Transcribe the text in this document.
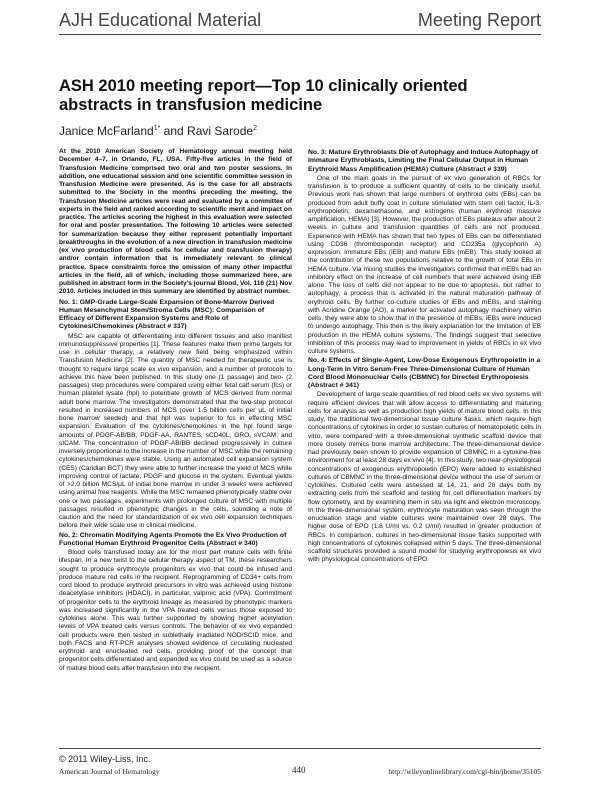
AJH Educational Material	Meeting Report
ASH 2010 meeting report—Top 10 clinically oriented abstracts in transfusion medicine
Janice McFarland$^{1*}$ and Ravi Sarode$^2$

At the 2010 American Society of Hematology annual meeting held December 4–7, in Orlando, FL, USA. Fifty-five articles in the field of Transfusion Medicine comprised two oral and two poster sessions. In addition, one educational session and one scientific committee session in Transfusion Medicine were presented. As is the case for all abstracts submitted to the Society in the months preceding the meeting, the Transfusion Medicine articles were read and evaluated by a committee of experts in the field and ranked according to scientific merit and impact on practice. The articles scoring the highest in this evaluation were selected for oral and poster presentation. The following 10 articles were selected for summarization because they either represent potentially important breakthroughs in the evolution of a new direction in transfusion medicine (ex vivo production of blood cells for cellular and transfusion therapy) and/or contain information that is immediately relevant to clinical practice. Space constraints force the omission of many other impactful articles in the field, all of which, including those summarized here, are published in abstract form in the Society's journal Blood, Vol. 116 (21) Nov 2010. Articles included in this summary are identified by abstract number.

No. 1: GMP-Grade Large-Scale Expansion of Bone-Marrow Derived Human Mesenchymal Stem/Stroma Cells (MSC): Comparison of Efficacy of Different Expansion Systems and Role of Cytokines/Chemokines (Abstract # 337)

MSC are capable of differentiating into different tissues and also manifest immunosuppressive properties [1]. These features make them prime targets for use in cellular therapy, a relatively new field being emphasized within Transfusion Medicine [2]. The quantity of MSC needed for therapeutic use is thought to require large scale ex vivo expansion, and a number of protocols to achieve this have been published. In this study one (1 passage) and two- (2 passages) step procedures were compared using either fetal calf serum (fcs) or human platelet lysate (hpl) to potentiate growth of MCS derived from normal adult bone marrow. The investigators demonstrated that the two-step protocol resulted in increased numbers of MCS (over 1.5 billion cells per μL of initial bone marrow seeded) and that hpl was superior to fcs in effecting MSC expansion. Evaluation of the cytokines/chemokines in the hpl found large amounts of PDGF-AB/BB, PDGF-AA, RANTES, sCD40L, GRO, sVCAM, and sICAM. The concentration of PDGF-AB/BB declined progressively in culture inversely proportional to the increase in the number of MSC while the remaining cytokines/chemokines were stable. Using an automated cell expansion system (CES) (Caridian BCT) they were able to further increase the yield of MCS while improving control of lactate, PDGF and glucose in the system. Eventual yields of >2.0 billion MCS/μL of initial bone marrow in under 3 weeks were achieved using animal free reagents. While the MSC remained phenotypically stable over one or two passages, experiments with prolonged culture of MSC with multiple passages resulted in phenotypic changes in the cells, sounding a note of caution and the need for standardization of ex vivo cell expansion techniques before their wide scale use in clinical medicine.

No. 2: Chromatin Modifying Agents Promote the Ex Vivo Production of Functional Human Erythroid Progenitor Cells (Abstract # 340)

Blood cells transfused today are for the most part mature cells with finite lifespan. In a new twist to the cellular therapy aspect of TM, these researchers sought to produce erythrocyte progenitors ex vivo that could be infused and produce mature red cells in the recipient. Reprogramming of CD34+ cells from cord blood to produce erythroid precursors in vitro was achieved using histone deacetylase inhibitors (HDACI), in particular, valproic acid (VPA). Commitment of progenitor cells to the erythroid lineage as measured by phenotypic markers was increased significantly in the VPA treated cells versus those exposed to cytokines alone. This was further supported by showing higher acetylation levels of VPA treated cells versus controls. The behavior of ex vivo expanded cell products were then tested in sublethally irradiated NOD/SCID mice, and both FACS and RT-PCR analyses showed evidence of circulating nucleated erythroid and enucleated red cells, providing proof of the concept that progenitor cells differentiated and expanded ex vivo could be used as a source of mature blood cells after transfusion into the recipient.

No. 3: Mature Erythroblasts Die of Autophagy and Induce Autophagy of Immature Erythroblasts, Limiting the Final Cellular Output in Human Erythroid Mass Amplification (HEMA) Culture (Abstract # 339)

One of the main goals in the pursuit of ex vivo generation of RBCs for transfusion is to produce a sufficient quantity of cells to be clinically useful. Previous work has shown that large numbers of erythroid cells (EBs) can be produced from adult buffy coat in culture stimulated with stem cell factor, IL-3, erythropoietin, dexamethasone, and estrogens (human erythroid massive amplification, HEMA) [3]. However, the production of EBs plateaus after about 2 weeks in culture and transfusion quantities of cells are not produced. Experience with HEMA has shown that two types of EBs can be differentiated using CD36 (thrombospondin receptor) and CD235a (glycophorin A) expression: immature EBs (iEB) and mature EBs (mEB). This study looked at the contribution of these two populations relative to the growth of total EBs in HEMA culture. Via mixing studies the investigators confirmed that mEBs had an inhibitory effect on the increase of cell numbers that were achieved using iEB alone. The loss of cells did not appear to be due to apoptosis, but rather to autophagy, a process that is activated in the natural maturation pathway of erythroid cells. By further co-culture studies of iEBs and mEBs, and staining with Acridine Orange (AO), a marker for activated autophagy machinery within cells, they were able to show that in the presence of mEBs, iEBs were induced to undergo autophagy. This then is the likely explanation for the limitation of EB production in the HEMA culture systems. The findings suggest that selective inhibition of this process may lead to improvement in yields of RBCs in ex vivo culture systems.

No. 4: Effects of Single-Agent, Low-Dose Exogenous Erythropoietin in a Long-Term In Vitro Serum-Free Three-Dimensional Culture of Human Cord Blood Mononuclear Cells (CBMNC) for Directed Erythropoiesis (Abstract # 341)

Development of large scale quantities of red blood cells ex vivo systems will require efficient devices that will allow access to differentiating and maturing cells for analysis as well as production high yields of mature blood cells. In this study, the traditional two-dimensional tissue culture flasks, which require high concentrations of cytokines in order to sustain cultures of hematopoietic cells in vitro, were compared with a three-dimensional synthetic scaffold device that more closely mimics bone marrow architecture. The three-dimensional device had previously been shown to provide expansion of CBMNC in a cytokine-free environment for at least 28 days ex vivo [4]. In this study, two near-physiological concentrations of exogenous erythropoietin (EPO) were added to established cultures of CBMNC in the three-dimensional device without the use of serum or cytokines. Cultured cells were assessed at 14, 21, and 28 days both by extracting cells from the scaffold and testing for cell differentiation markers by flow cytometry, and by examining them in situ via light and electron microscopy. In the three-dimensional system, erythrocyte maturation was seen through the enucleation stage and viable cultures were maintained over 28 days. The higher dose of EPO (1.8 U/ml vs. 0.2 U/ml) resulted in greater production of RBCs. In comparison, cultures in two-dimensional tissue flasks supported with high concentrations of cytokines collapsed within 5 days. The three-dimensional scaffold structures provided a sound model for studying erythropoiesis ex vivo with physiological concentrations of EPO.

© 2011 Wiley-Liss, Inc.
American Journal of Hematology	440	http://wileyonlinelibrary.com/cgi-bin/jhome/35105
